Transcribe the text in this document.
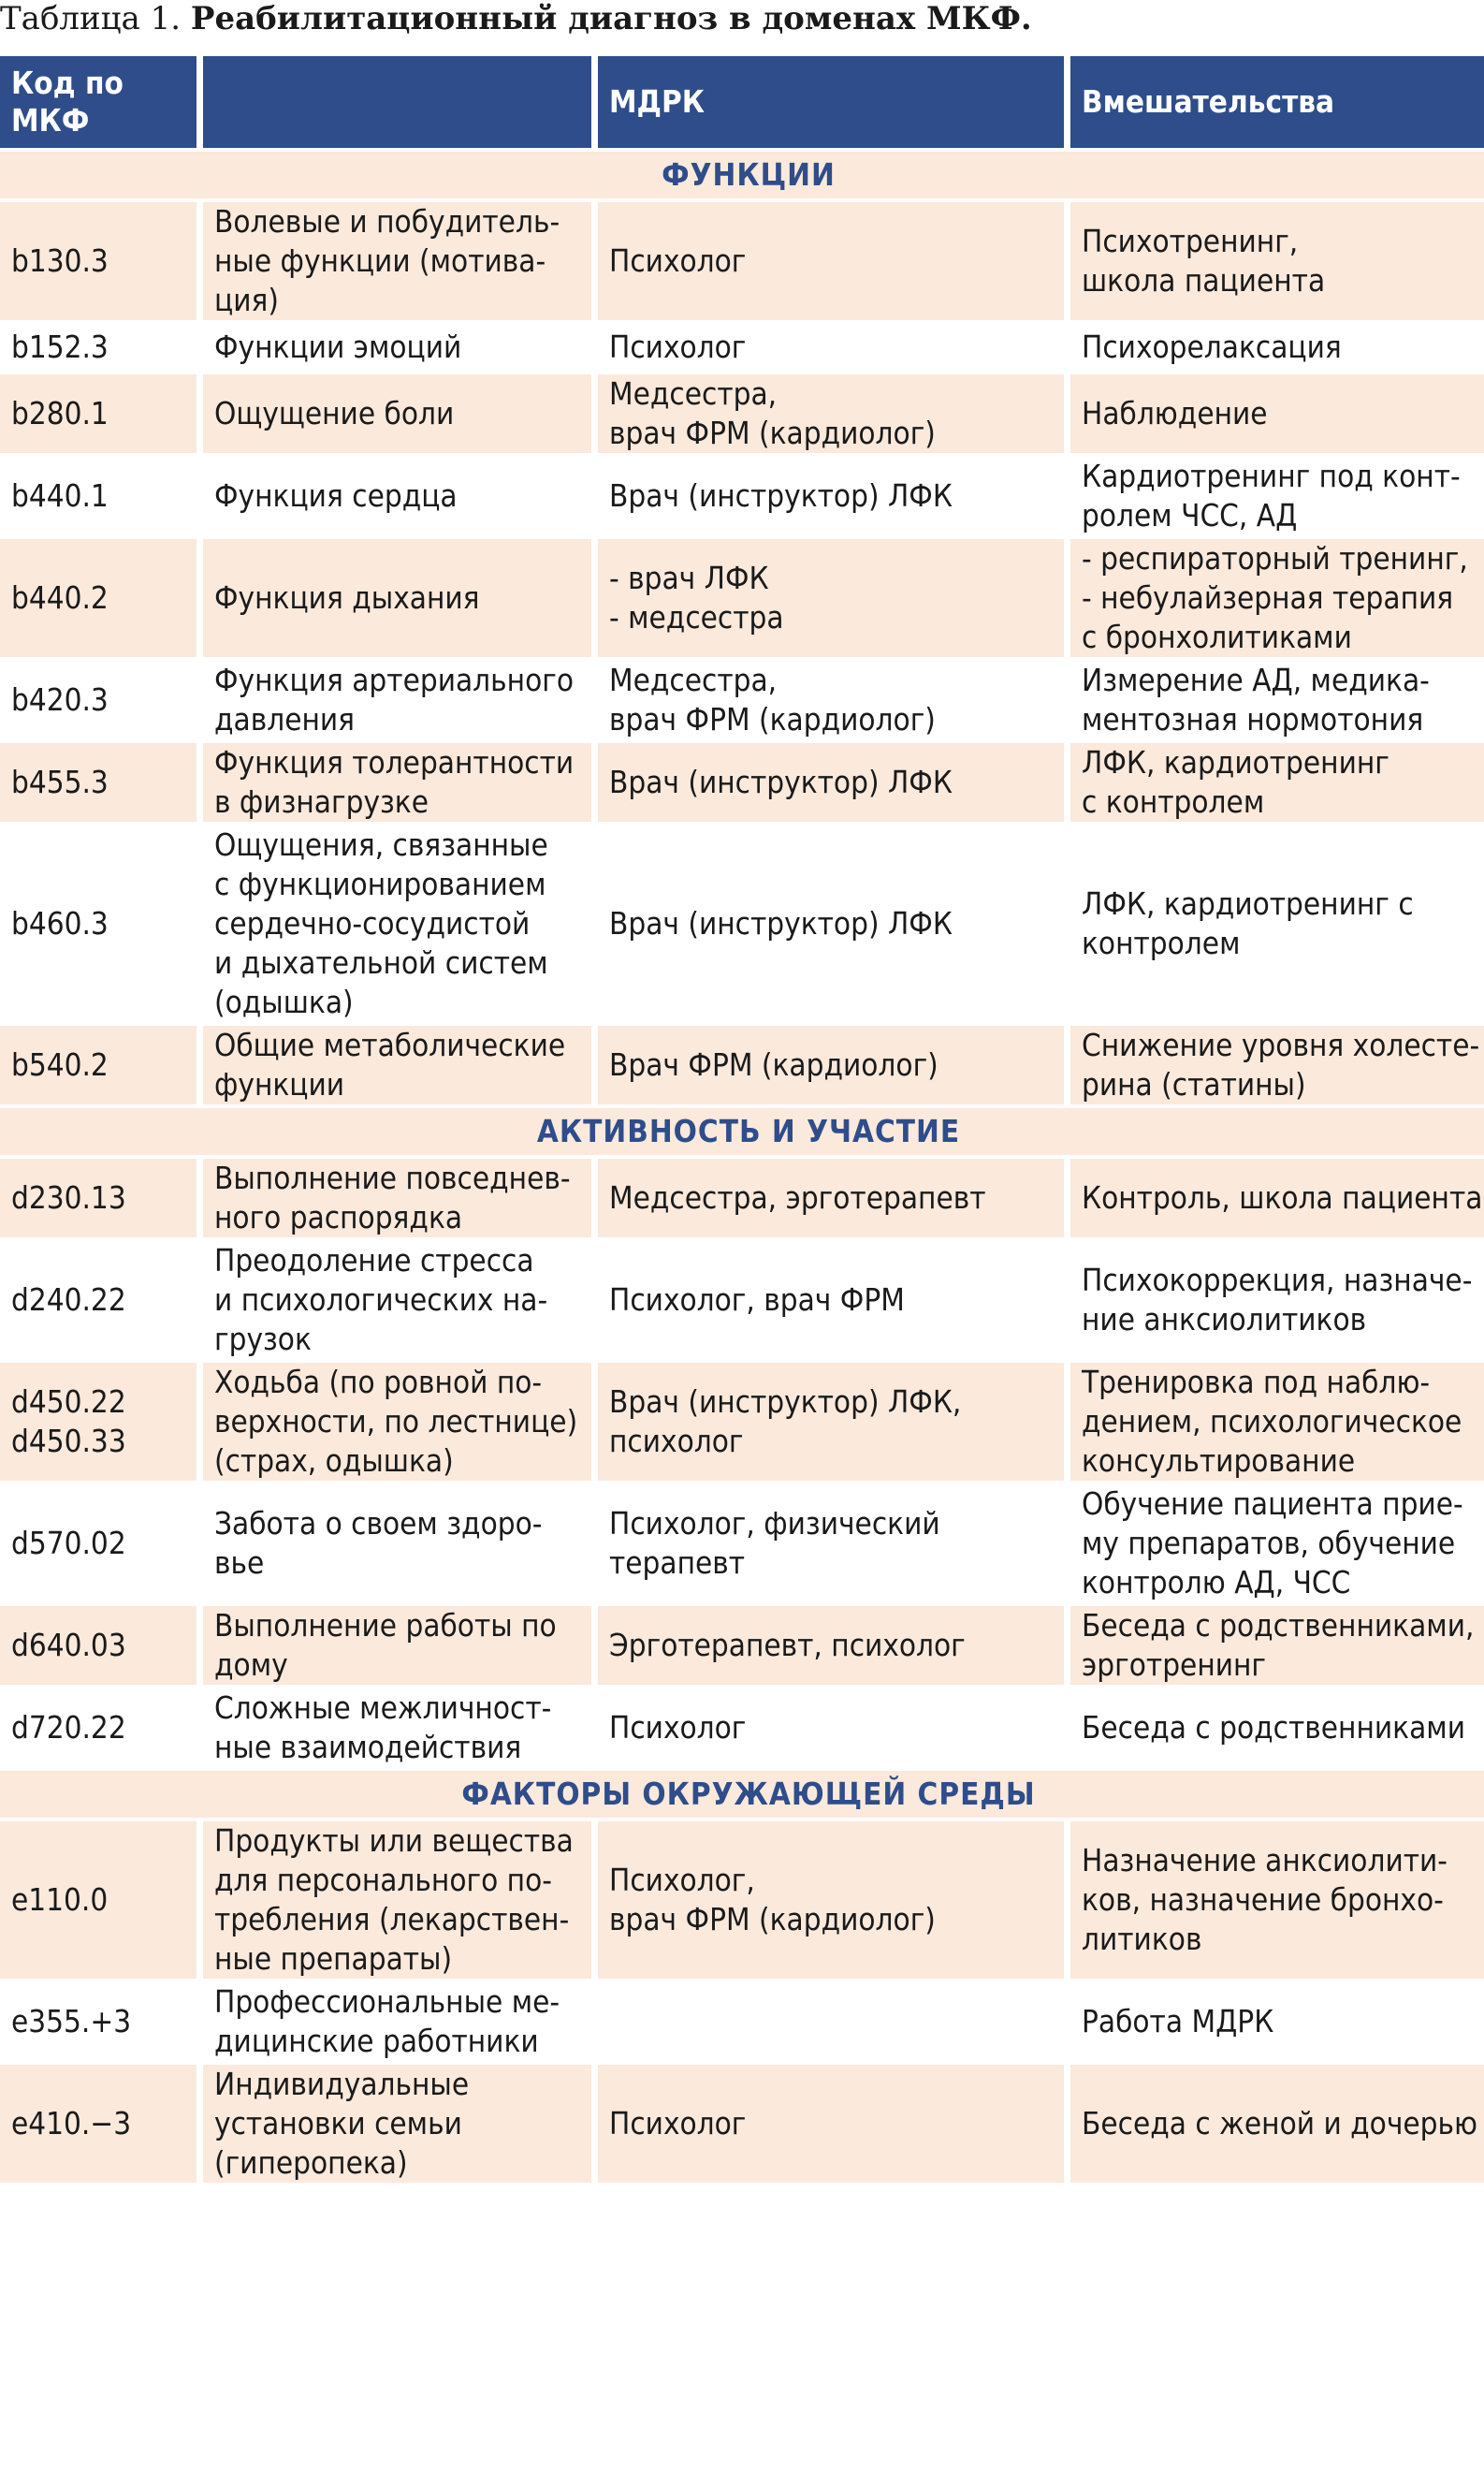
Таблица 1. Реабилитационный диагноз в доменах МКФ.
Код по МКФ		МДРК	Вмешательства
ФУНКЦИИ			

b130.3	Волевые и побудитель-
ные функции (мотива-
ция)	Психолог	Психотренинг,
школа пациента

b152.3	Функции эмоций	Психолог	Психорелаксация

b280.1	Ощущение боли	Медсестра,
врач ФРМ (кардиолог)	Наблюдение

b440.1	Функция сердца	Врач (инструктор) ЛФК	Кардиотренинг под конт-
ролем ЧСС, АД

b440.2	Функция дыхания	- врач ЛФК
- медсестра	- респираторный тренинг,
- небулайзерная терапия
с бронхолитиками

b420.3	Функция артериального
давления	Медсестра,
врач ФРМ (кардиолог)	Измерение АД, медика-
ментозная нормотония

b455.3	Функция толерантности
в физнагрузке	Врач (инструктор) ЛФК	ЛФК, кардиотренинг
с контролем

b460.3	Ощущения, связанные
с функционированием
сердечно-сосудистой
и дыхательной систем
(одышка)	Врач (инструктор) ЛФК	ЛФК, кардиотренинг с
контролем

b540.2	Общие метаболические
функции	Врач ФРМ (кардиолог)	Снижение уровня холесте-
рина (статины)

АКТИВНОСТЬ И УЧАСТИЕ			

d230.13	Выполнение повседнев-
ного распорядка	Медсестра, эрготерапевт	Контроль, школа пациента

d240.22	Преодоление стресса
и психологических на-
грузок	Психолог, врач ФРМ	Психокоррекция, назначе-
ние анксиолитиков

d450.22
d450.33	Ходьба (по ровной по-
верхности, по лестнице)
(страх, одышка)	Врач (инструктор) ЛФК,
психолог	Тренировка под наблю-
дением, психологическое
консультирование

d570.02	Забота о своем здоро-
вье	Психолог, физический
терапевт	Обучение пациента прие-
му препаратов, обучение
контролю АД, ЧСС

d640.03	Выполнение работы по
дому	Эрготерапевт, психолог	Беседа с родственниками,
эрготренинг

d720.22	Сложные межличност-
ные взаимодействия	Психолог	Беседа с родственниками

ФАКТОРЫ ОКРУЖАЮЩЕЙ СРЕДЫ			

e110.0	Продукты или вещества
для персонального по-
требления (лекарствен-
ные препараты)	Психолог,
врач ФРМ (кардиолог)	Назначение анксиолити-
ков, назначение бронхо-
литиков

e355.+3	Профессиональные ме-
дицинские работники		Работа МДРК

e410.−3	Индивидуальные
установки семьи
(гиперопека)	Психолог	Беседа с женой и дочерью
